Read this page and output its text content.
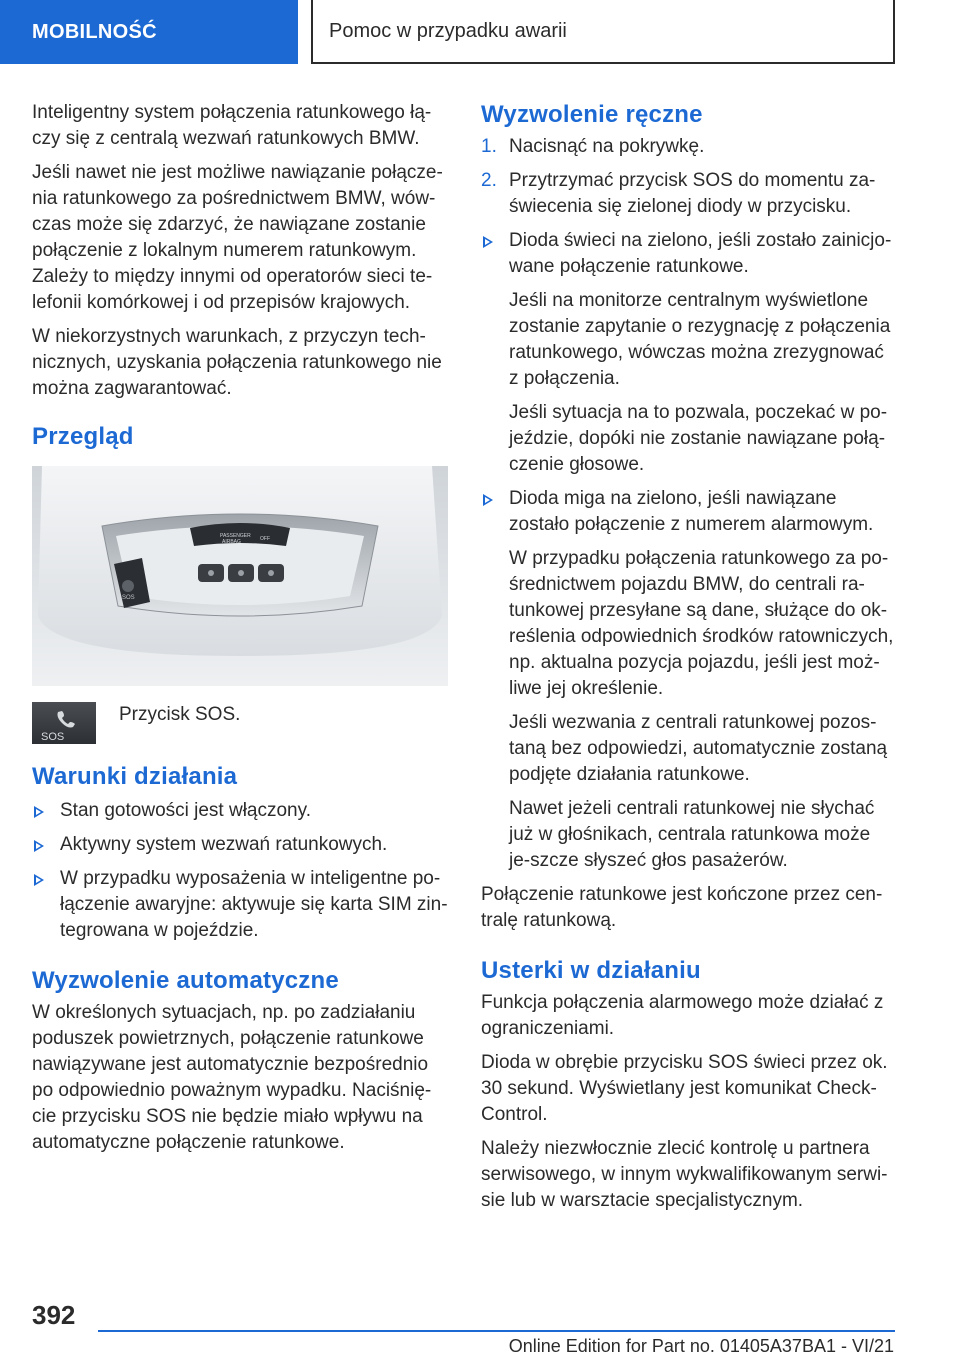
MOBILNOŚĆ	Pomoc w przypadku awarii

Inteligentny system połączenia ratunkowego łą-czy się z centralą wezwań ratunkowych BMW.

Jeśli nawet nie jest możliwe nawiązanie połącze-nia ratunkowego za pośrednictwem BMW, wów-czas może się zdarzyć, że nawiązane zostanie połączenie z lokalnym numerem ratunkowym. Zależy to między innymi od operatorów sieci te-lefonii komórkowej i od przepisów krajowych.

W niekorzystnych warunkach, z przyczyn tech-nicznych, uzyskania połączenia ratunkowego nie można zagwarantować.

Przegląd
PASSENGER
AIRBAG	OFF
SOS
SOS
Przycisk SOS.
Warunki działania
Stan gotowości jest włączony.
Aktywny system wezwań ratunkowych.
W przypadku wyposażenia w inteligentne po-łączenie awaryjne: aktywuje się karta SIM zin-tegrowana w pojeździe.
Wyzwolenie automatyczne

W określonych sytuacjach, np. po zadziałaniu poduszek powietrznych, połączenie ratunkowe nawiązywane jest automatycznie bezpośrednio po odpowiednio poważnym wypadku. Naciśnię-cie przycisku SOS nie będzie miało wpływu na automatyczne połączenie ratunkowe.

Wyzwolenie ręczne
1. Nacisnąć na pokrywkę.
2. Przytrzymać przycisk SOS do momentu za-świecenia się zielonej diody w przycisku.
Dioda świeci na zielono, jeśli zostało zainicjo-wane połączenie ratunkowe.
Jeśli na monitorze centralnym wyświetlone zostanie zapytanie o rezygnację z połączenia ratunkowego, wówczas można zrezygnować z połączenia.
Jeśli sytuacja na to pozwala, poczekać w po-jeździe, dopóki nie zostanie nawiązane połą-czenie głosowe.
Dioda miga na zielono, jeśli nawiązane zostało połączenie z numerem alarmowym.
W przypadku połączenia ratunkowego za po-średnictwem pojazdu BMW, do centrali ra-tunkowej przesyłane są dane, służące do ok-reślenia odpowiednich środków ratowniczych, np. aktualna pozycja pojazdu, jeśli jest moż-liwe jej określenie.
Jeśli wezwania z centrali ratunkowej pozos-taną bez odpowiedzi, automatycznie zostaną podjęte działania ratunkowe.
Nawet jeżeli centrali ratunkowej nie słychać już w głośnikach, centrala ratunkowa może je-szcze słyszeć głos pasażerów.

Połączenie ratunkowe jest kończone przez cen-tralę ratunkową.

Usterki w działaniu

Funkcja połączenia alarmowego może działać z ograniczeniami.

Dioda w obrębie przycisku SOS świeci przez ok. 30 sekund. Wyświetlany jest komunikat Check-Control.

Należy niezwłocznie zlecić kontrolę u partnera serwisowego, w innym wykwalifikowanym serwi-sie lub w warsztacie specjalistycznym.

392
Online Edition for Part no. 01405A37BA1 - VI/21
